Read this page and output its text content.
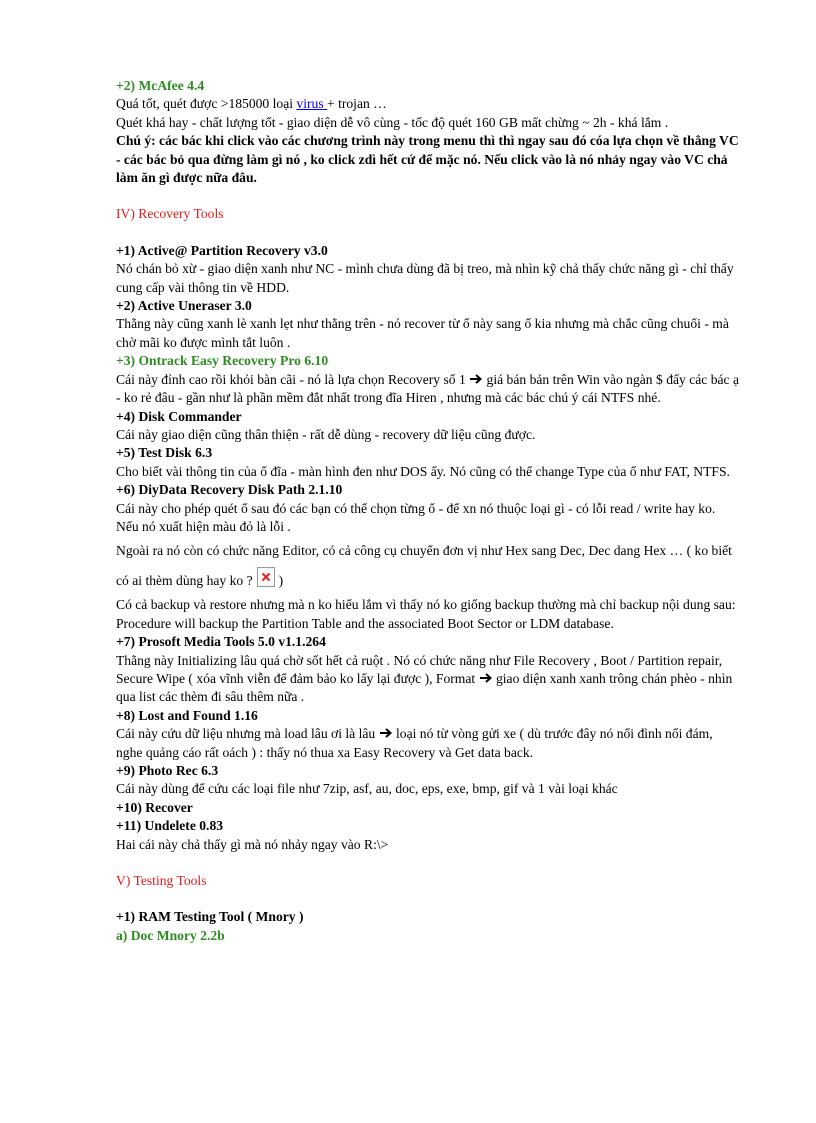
+2) McAfee 4.4

Quá tốt, quét được >185000 loại virus + trojan …

Quét khá hay - chất lượng tốt - giao diện dễ vô cùng - tốc độ quét 160 GB mất chừng ~ 2h - khá lắm .

Chú ý: các bác khi click vào các chương trình này trong menu thì thì ngay sau đó cóa lựa chọn về thẳng VC - các bác bỏ qua đừng làm gì nó , ko click zdì hết cứ để mặc nó. Nếu click vào là nó nhảy ngay vào VC chả làm ăn gì được nữa đâu.

IV) Recovery Tools

+1) Active@ Partition Recovery v3.0

Nó chán bỏ xừ - giao diện xanh như NC - mình chưa dùng đã bị treo, mà nhìn kỹ chả thấy chức năng gì - chỉ thấy cung cấp vài thông tin về HDD.

+2) Active Uneraser 3.0

Thằng này cũng xanh lè xanh lẹt như thằng trên - nó recover từ ổ này sang ổ kia nhưng mà chắc cũng chuối - mà chờ mãi ko được mình tắt luôn .

+3) Ontrack Easy Recovery Pro 6.10

Cái này đỉnh cao rồi khỏi bàn cãi - nó là lựa chọn Recovery số 1  giá bán bản trên Win vào ngàn $ đấy các bác ạ - ko rẻ đâu - gần như là phần mềm đắt nhất trong đĩa Hiren , nhưng mà các bác chú ý cái NTFS nhé.

+4) Disk Commander

Cái này giao diện cũng thân thiện - rất dễ dùng - recovery dữ liệu cũng được.

+5) Test Disk 6.3

Cho biết vài thông tin của ổ đĩa - màn hình đen như DOS ấy. Nó cũng có thể change Type của ổ như FAT, NTFS.

+6) DiyData Recovery Disk Path 2.1.10

Cái này cho phép quét ổ sau đó các bạn có thể chọn từng ổ - để xn nó thuộc loại gì - có lỗi read / write hay ko. Nếu nó xuất hiện màu đỏ là lỗi .

Ngoài ra nó còn có chức năng Editor, có cả công cụ chuyển đơn vị như Hex sang Dec, Dec dang Hex … ( ko biết có ai thèm dùng hay ko ? )

Có cả backup và restore nhưng mà n ko hiểu lắm vì thấy nó ko giống backup thường mà chỉ backup nội dung sau:

Procedure will backup the Partition Table and the associated Boot Sector or LDM database.

+7) Prosoft Media Tools 5.0 v1.1.264

Thằng này Initializing lâu quá chờ sốt hết cả ruột . Nó có chức năng như File Recovery , Boot / Partition repair, Secure Wipe ( xóa vĩnh viễn để đảm bảo ko lấy lại được ), Format  giao diện xanh xanh trông chán phèo - nhìn qua list các thèm đi sâu thêm nữa .

+8) Lost and Found 1.16

Cái này cứu dữ liệu nhưng mà load lâu ơi là lâu  loại nó từ vòng gửi xe ( dù trước đây nó nổi đình nổi đám, nghe quảng cáo rất oách ) : thấy nó thua xa Easy Recovery và Get data back.

+9) Photo Rec 6.3

Cái này dùng để cứu các loại file như 7zip, asf, au, doc, eps, exe, bmp, gif và 1 vài loại khác

+10) Recover

+11) Undelete 0.83

Hai cái này chả thấy gì mà nó nhảy ngay vào R:\>

V) Testing Tools

+1) RAM Testing Tool ( Mnory )

a) Doc Mnory 2.2b
